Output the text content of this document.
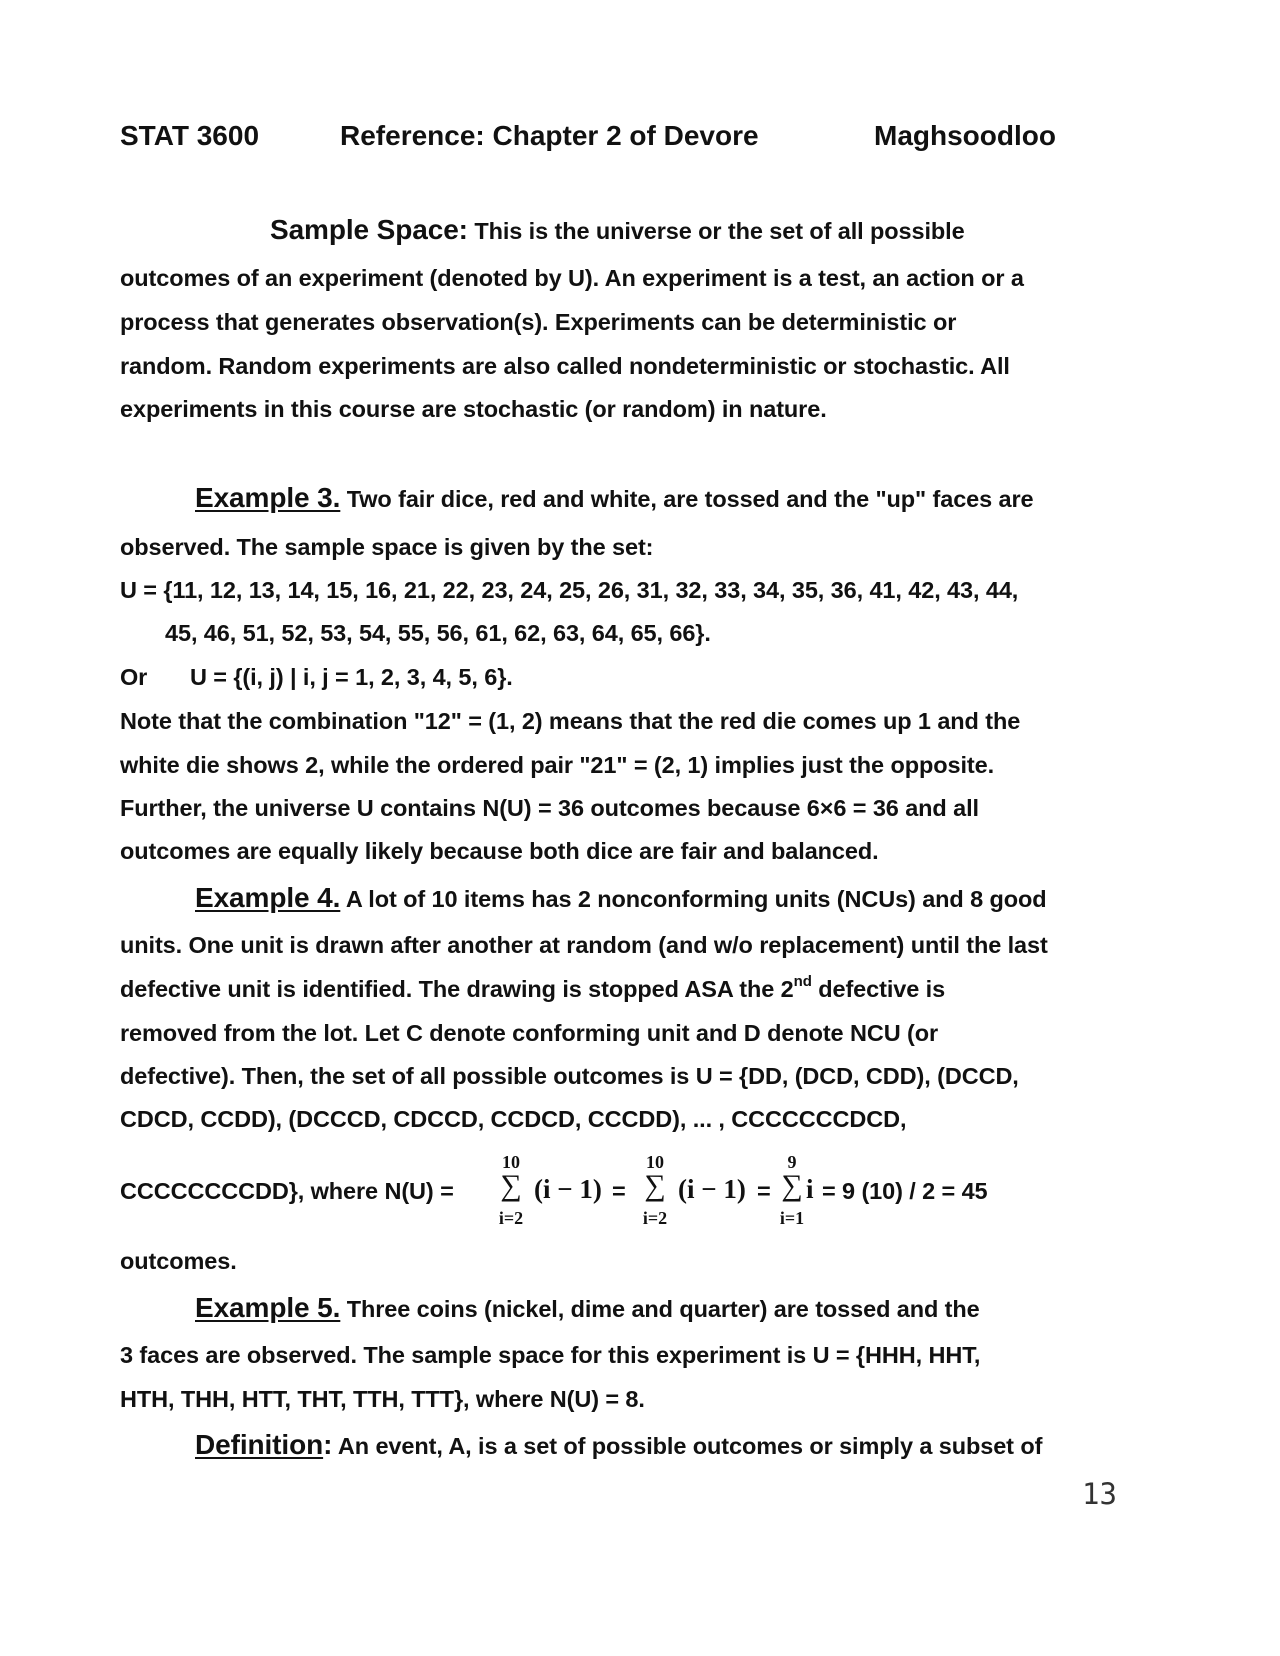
STAT 3600	Reference: Chapter 2 of Devore	Maghsoodloo
Sample Space: This is the universe or the set of all possible
outcomes of an experiment (denoted by U). An experiment is a test, an action or a
process that generates observation(s). Experiments can be deterministic or
random. Random experiments are also called nondeterministic or stochastic. All
experiments in this course are stochastic (or random) in nature.
Example 3. Two fair dice, red and white, are tossed and the "up" faces are
observed. The sample space is given by the set:
U = {11, 12, 13, 14, 15, 16, 21, 22, 23, 24, 25, 26, 31, 32, 33, 34, 35, 36, 41, 42, 43, 44,
45, 46, 51, 52, 53, 54, 55, 56, 61, 62, 63, 64, 65, 66}.
Or U = {(i, j) | i, j = 1, 2, 3, 4, 5, 6}.
Note that the combination "12" = (1, 2) means that the red die comes up 1 and the
white die shows 2, while the ordered pair "21" = (2, 1) implies just the opposite.
Further, the universe U contains N(U) = 36 outcomes because 6×6 = 36 and all
outcomes are equally likely because both dice are fair and balanced.
Example 4. A lot of 10 items has 2 nonconforming units (NCUs) and 8 good
units. One unit is drawn after another at random (and w/o replacement) until the last
defective unit is identified. The drawing is stopped ASA the 2nd defective is
removed from the lot. Let C denote conforming unit and D denote NCU (or
defective). Then, the set of all possible outcomes is U = {DD, (DCD, CDD), (DCCD,
CDCD, CCDD), (DCCCD, CDCCD, CCDCD, CCCDD), ... , CCCCCCCDCD,
CCCCCCCCDD}, where N(U) =
10
∑
i=2
(i − 1) =
10
∑
i=2
(i − 1) =
9
∑
i=1
i = 9 (10) / 2 = 45
outcomes.
Example 5. Three coins (nickel, dime and quarter) are tossed and the
3 faces are observed. The sample space for this experiment is U = {HHH, HHT,
HTH, THH, HTT, THT, TTH, TTT}, where N(U) = 8.
Definition: An event, A, is a set of possible outcomes or simply a subset of
13
